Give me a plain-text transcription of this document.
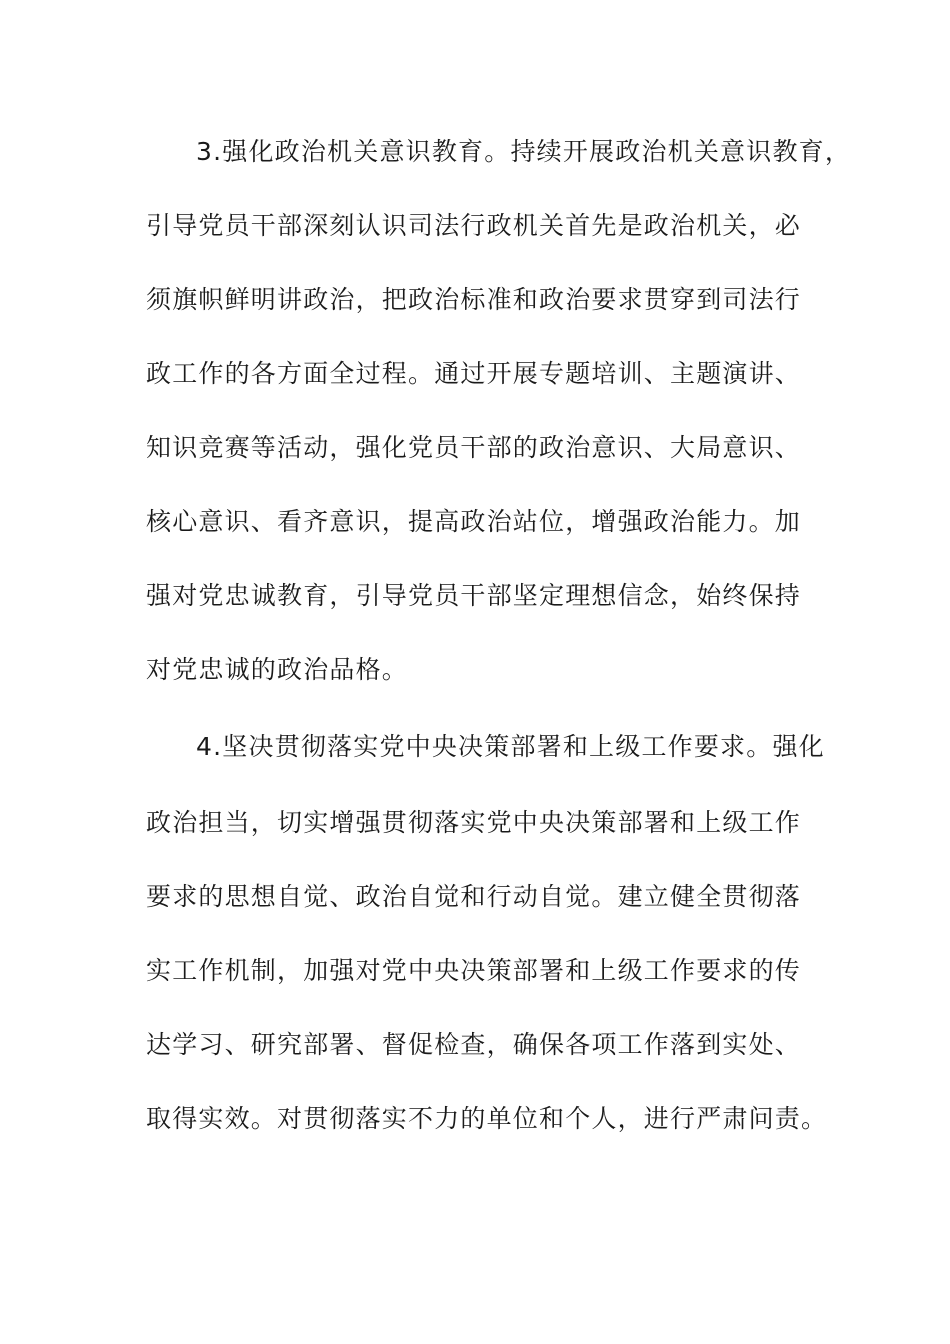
3.强化政治机关意识教育。持续开展政治机关意识教育，
引导党员干部深刻认识司法行政机关首先是政治机关，必
须旗帜鲜明讲政治，把政治标准和政治要求贯穿到司法行
政工作的各方面全过程。通过开展专题培训、主题演讲、
知识竞赛等活动，强化党员干部的政治意识、大局意识、
核心意识、看齐意识，提高政治站位，增强政治能力。加
强对党忠诚教育，引导党员干部坚定理想信念，始终保持
对党忠诚的政治品格。
4.坚决贯彻落实党中央决策部署和上级工作要求。强化
政治担当，切实增强贯彻落实党中央决策部署和上级工作
要求的思想自觉、政治自觉和行动自觉。建立健全贯彻落
实工作机制，加强对党中央决策部署和上级工作要求的传
达学习、研究部署、督促检查，确保各项工作落到实处、
取得实效。对贯彻落实不力的单位和个人，进行严肃问责。
